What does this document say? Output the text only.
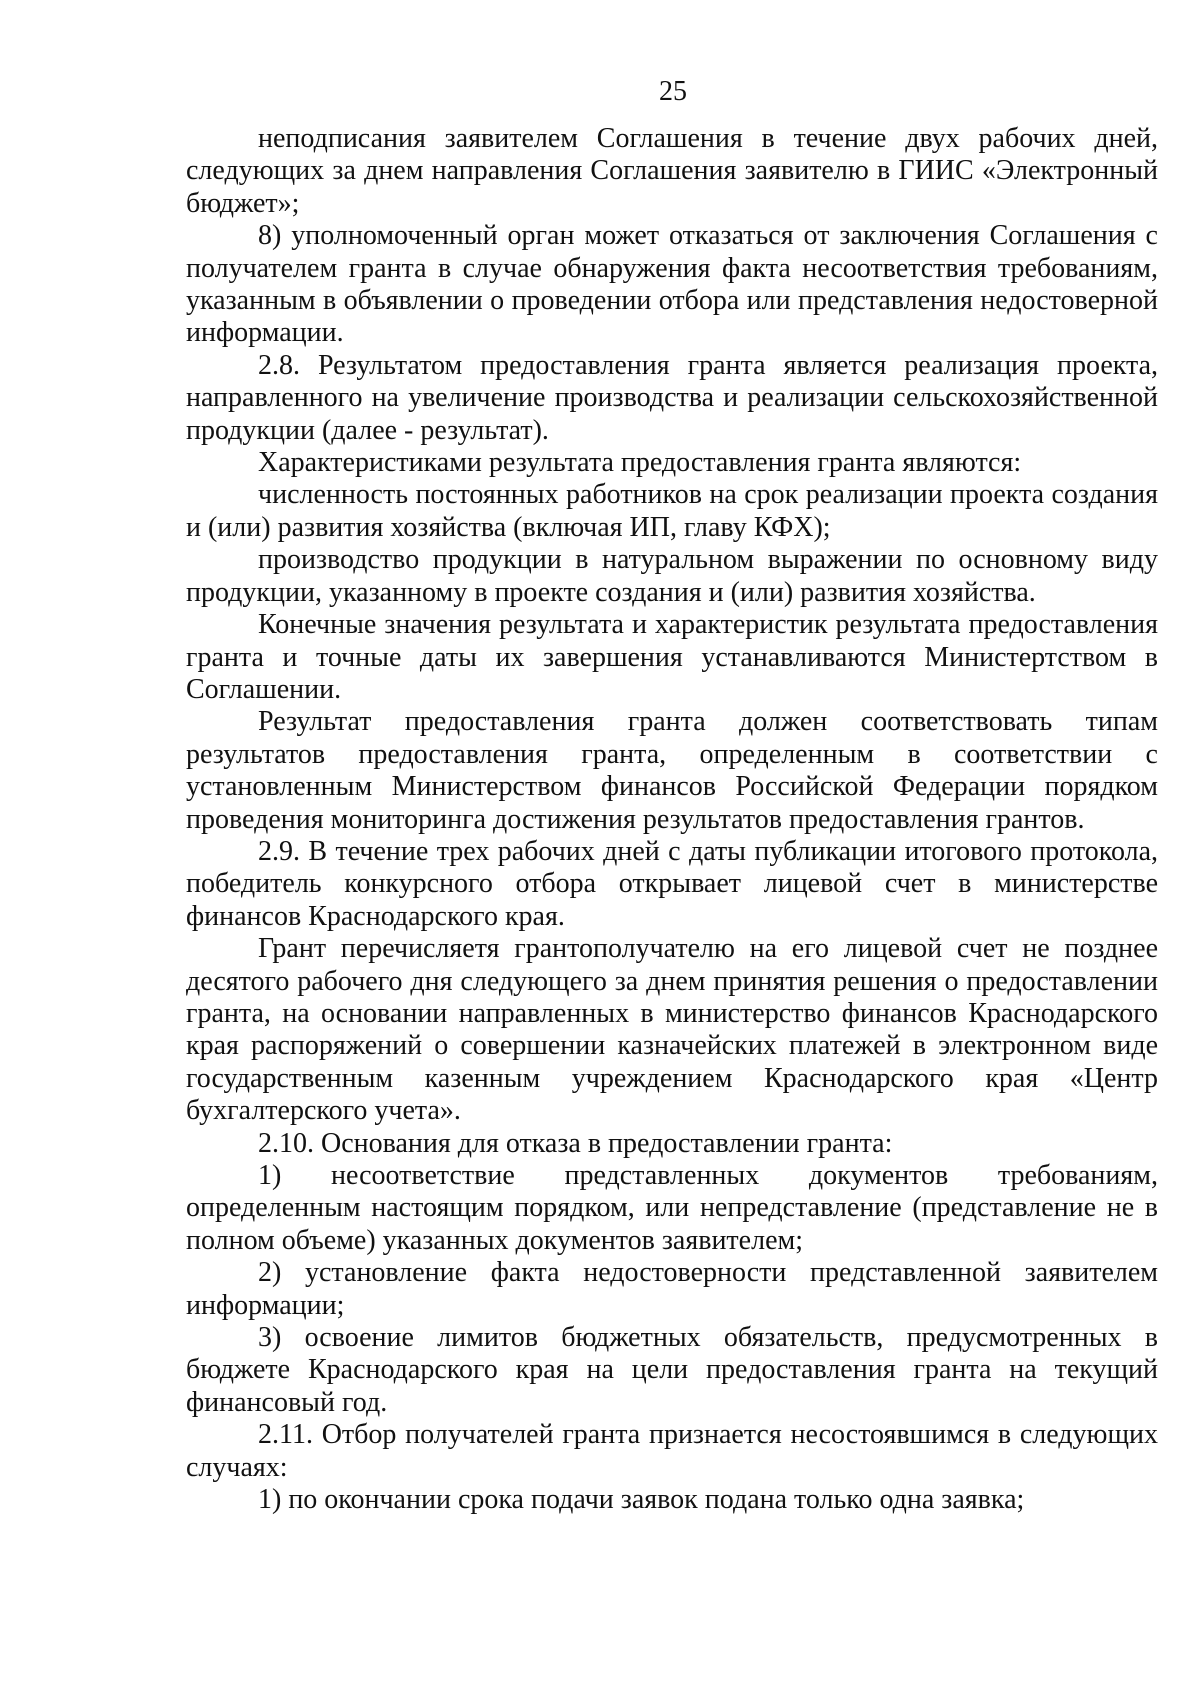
25

неподписания заявителем Соглашения в течение двух рабочих дней, следующих за днем направления Соглашения заявителю в ГИИС «Электронный бюджет»;

8) уполномоченный орган может отказаться от заключения Соглашения с получателем гранта в случае обнаружения факта несоответствия требованиям, указанным в объявлении о проведении отбора или представления недостоверной информации.

2.8. Результатом предоставления гранта является реализация проекта, направленного на увеличение производства и реализации сельскохозяйственной продукции (далее - результат).

Характеристиками результата предоставления гранта являются:

численность постоянных работников на срок реализации проекта создания и (или) развития хозяйства (включая ИП, главу КФХ);

производство продукции в натуральном выражении по основному виду продукции, указанному в проекте создания и (или) развития хозяйства.

Конечные значения результата и характеристик результата предоставления гранта и точные даты их завершения устанавливаются Министертством в Соглашении.

Результат предоставления гранта должен соответствовать типам результатов предоставления гранта, определенным в соответствии с установленным Министерством финансов Российской Федерации порядком проведения мониторинга достижения результатов предоставления грантов.

2.9. В течение трех рабочих дней с даты публикации итогового протокола, победитель конкурсного отбора открывает лицевой счет в министерстве финансов Краснодарского края.

Грант перечисляетя грантополучателю на его лицевой счет не позднее десятого рабочего дня следующего за днем принятия решения о предоставлении гранта, на основании направленных в министерство финансов Краснодарского края распоряжений о совершении казначейских платежей в электронном виде государственным казенным учреждением Краснодарского края «Центр бухгалтерского учета».

2.10. Основания для отказа в предоставлении гранта:

1) несоответствие представленных документов требованиям, определенным настоящим порядком, или непредставление (представление не в полном объеме) указанных документов заявителем;

2) установление факта недостоверности представленной заявителем информации;

3) освоение лимитов бюджетных обязательств, предусмотренных в бюджете Краснодарского края на цели предоставления гранта на текущий финансовый год.

2.11. Отбор получателей гранта признается несостоявшимся в следующих случаях:

1) по окончании срока подачи заявок подана только одна заявка;
